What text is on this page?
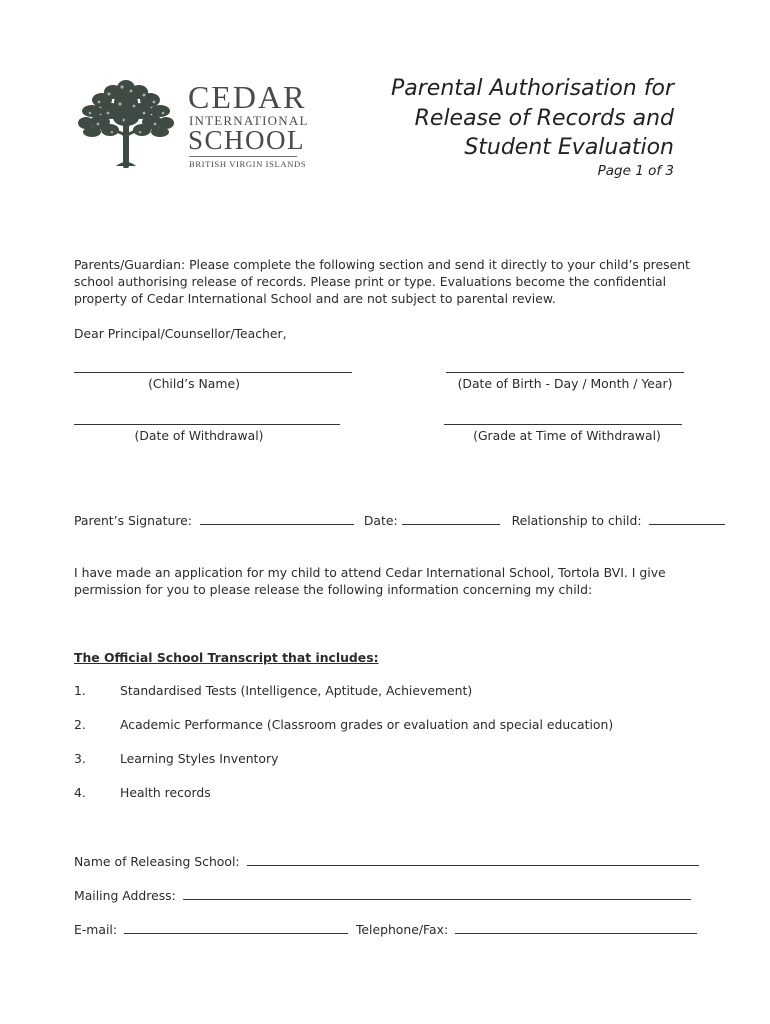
CEDAR
INTERNATIONAL
SCHOOL
BRITISH VIRGIN ISLANDS
Parental Authorisation for
Release of Records and
Student Evaluation
Page 1 of 3
Parents/Guardian: Please complete the following section and send it directly to your child’s present school authorising release of records. Please print or type. Evaluations become the confidential property of Cedar International School and are not subject to parental review.
Dear Principal/Counsellor/Teacher,
(Child’s Name)	(Date of Birth - Day / Month / Year)
(Date of Withdrawal)	(Grade at Time of Withdrawal)
Parent’s Signature:	Date:	Relationship to child:
I have made an application for my child to attend Cedar International School, Tortola BVI. I give permission for you to please release the following information concerning my child:
The Official School Transcript that includes:
1.	Standardised Tests (Intelligence, Aptitude, Achievement)
2.	Academic Performance (Classroom grades or evaluation and special education)
3.	Learning Styles Inventory
4.	Health records
Name of Releasing School:
Mailing Address:
E-mail:	Telephone/Fax:
